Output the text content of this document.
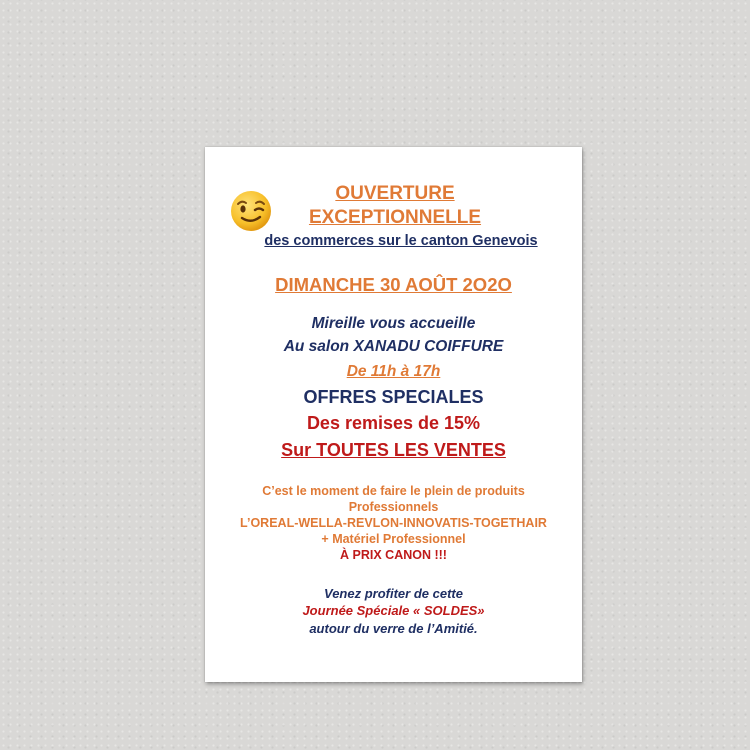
OUVERTURE
EXCEPTIONNELLE
des commerces sur le canton Genevois
DIMANCHE 30 AOÛT 2O2O
Mireille vous accueille
Au salon XANADU COIFFURE
De 11h à 17h
OFFRES SPECIALES
Des remises de 15%
Sur TOUTES LES VENTES
C’est le moment de faire le plein de produits
Professionnels
L’OREAL-WELLA-REVLON-INNOVATIS-TOGETHAIR
+ Matériel Professionnel
À PRIX CANON !!!
Venez profiter de cette
Journée Spéciale « SOLDES»
autour du verre de l’Amitié.
